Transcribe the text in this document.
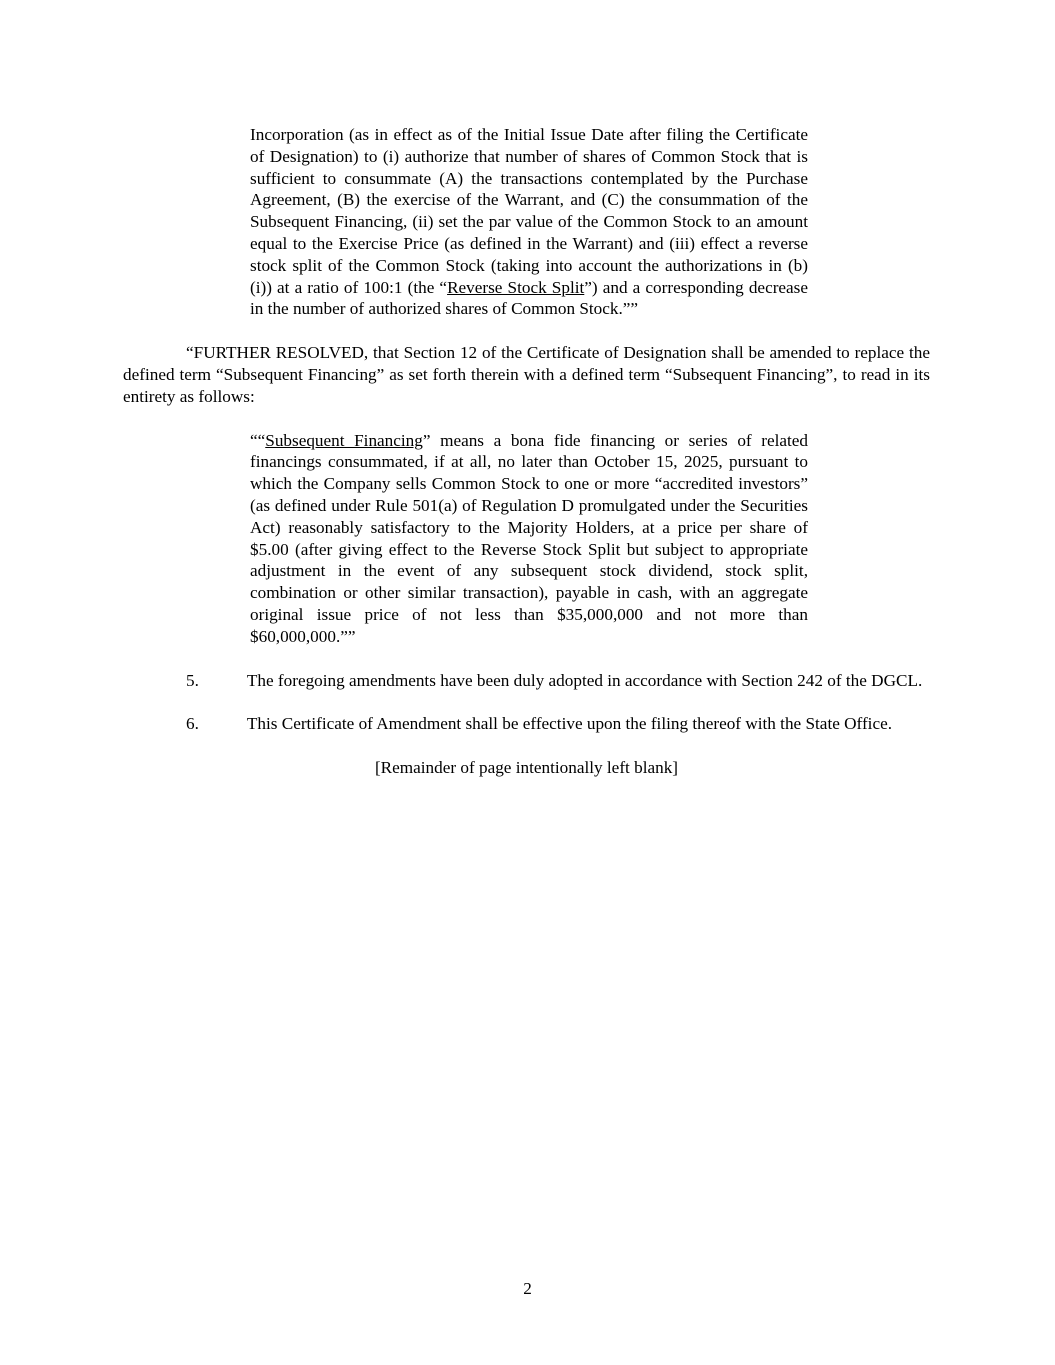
Incorporation (as in effect as of the Initial Issue Date after filing the Certificate of Designation) to (i) authorize that number of shares of Common Stock that is sufficient to consummate (A) the transactions contemplated by the Purchase Agreement, (B) the exercise of the Warrant, and (C) the consummation of the Subsequent Financing, (ii) set the par value of the Common Stock to an amount equal to the Exercise Price (as defined in the Warrant) and (iii) effect a reverse stock split of the Common Stock (taking into account the authorizations in (b)(i)) at a ratio of 100:1 (the “Reverse Stock Split”) and a corresponding decrease in the number of authorized shares of Common Stock.””

“FURTHER RESOLVED, that Section 12 of the Certificate of Designation shall be amended to replace the defined term “Subsequent Financing” as set forth therein with a defined term “Subsequent Financing”, to read in its entirety as follows:

““Subsequent Financing” means a bona fide financing or series of related financings consummated, if at all, no later than October 15, 2025, pursuant to which the Company sells Common Stock to one or more “accredited investors” (as defined under Rule 501(a) of Regulation D promulgated under the Securities Act) reasonably satisfactory to the Majority Holders, at a price per share of $5.00 (after giving effect to the Reverse Stock Split but subject to appropriate adjustment in the event of any subsequent stock dividend, stock split, combination or other similar transaction), payable in cash, with an aggregate original issue price of not less than $35,000,000 and not more than $60,000,000.””

5.	The foregoing amendments have been duly adopted in accordance with Section 242 of the DGCL.

6.	This Certificate of Amendment shall be effective upon the filing thereof with the State Office.

[Remainder of page intentionally left blank]

2
